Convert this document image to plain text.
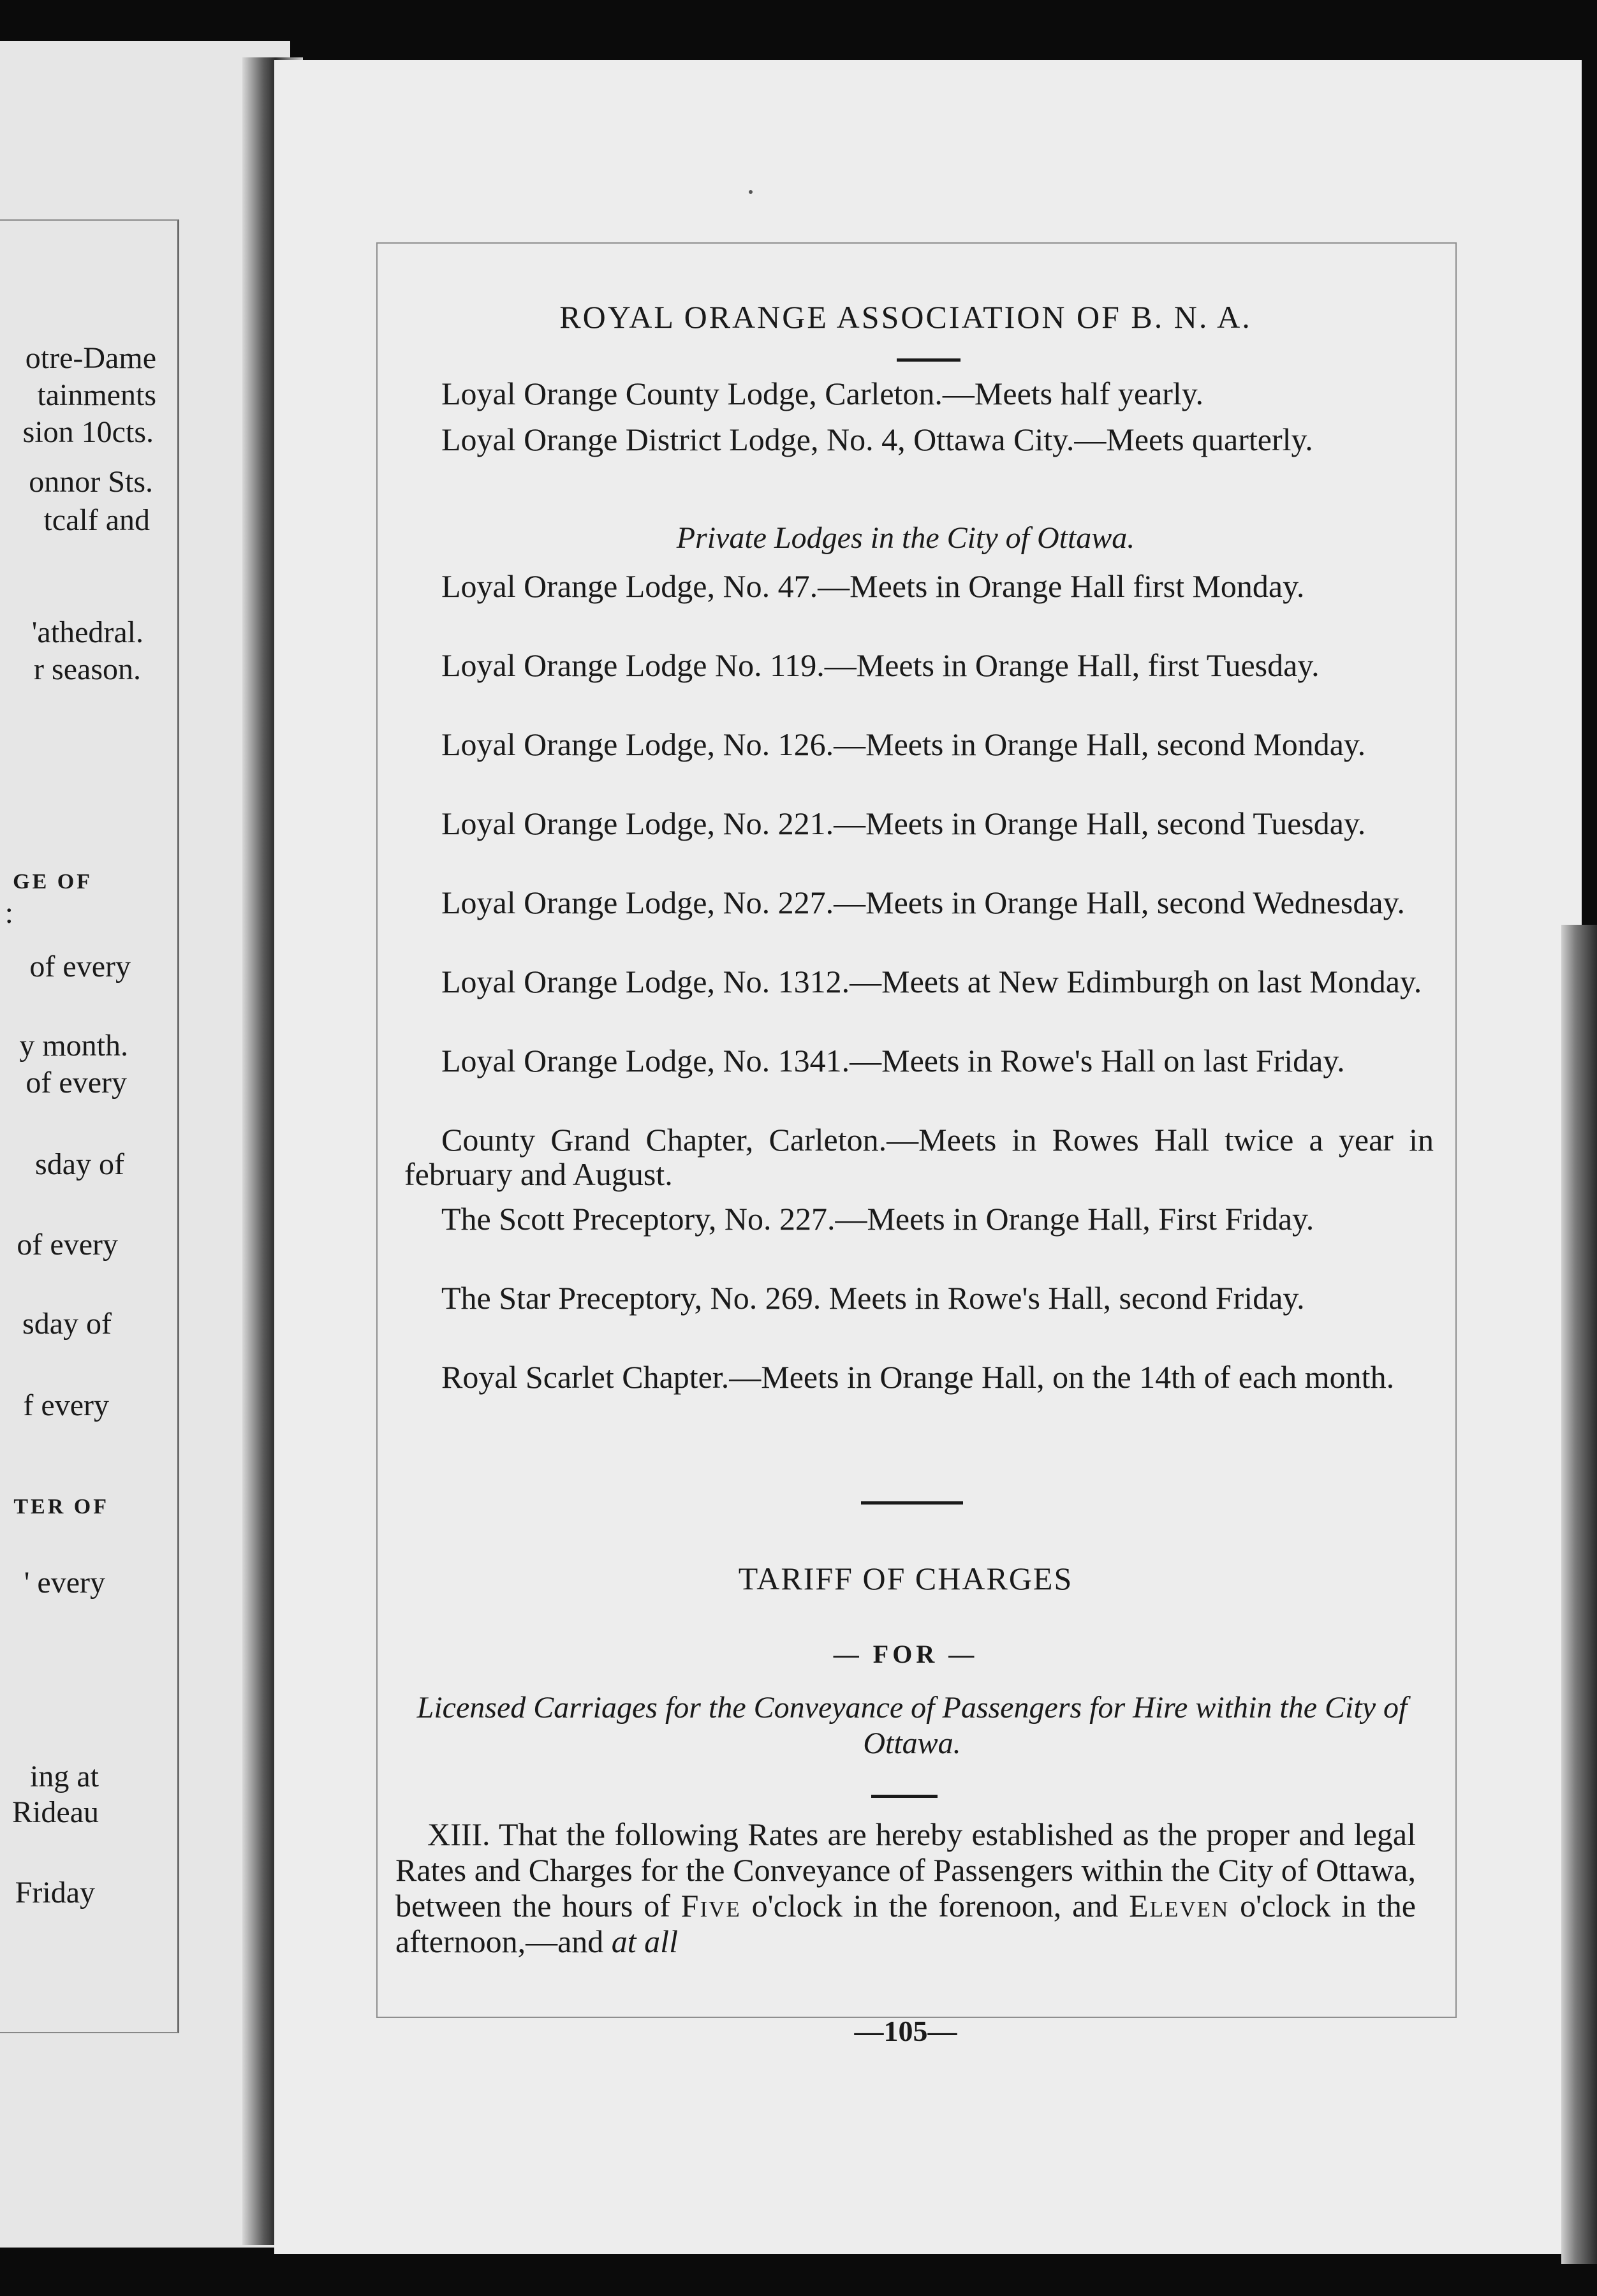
otre-Dame
tainments
sion 10cts.
onnor Sts.
tcalf and
'athedral.
r season.
GE OF
:
of every
y month.
of every
sday of
of every
sday of
f every
TER OF
' every
ing at
Rideau
Friday
ROYAL ORANGE ASSOCIATION OF B. N. A.
Loyal Orange County Lodge, Carleton.—Meets half yearly.
Loyal Orange District Lodge, No. 4, Ottawa City.—Meets quarterly.
Private Lodges in the City of Ottawa.
Loyal Orange Lodge, No. 47.—Meets in Orange Hall first Monday.
Loyal Orange Lodge No. 119.—Meets in Orange Hall, first Tuesday.
Loyal Orange Lodge, No. 126.—Meets in Orange Hall, second Monday.
Loyal Orange Lodge, No. 221.—Meets in Orange Hall, second Tuesday.
Loyal Orange Lodge, No. 227.—Meets in Orange Hall, second Wednesday.
Loyal Orange Lodge, No. 1312.—Meets at New Edimburgh on last Monday.
Loyal Orange Lodge, No. 1341.—Meets in Rowe's Hall on last Friday.
County Grand Chapter, Carleton.—Meets in Rowes Hall twice a year in february and August.
The Scott Preceptory, No. 227.—Meets in Orange Hall, First Friday.
The Star Preceptory, No. 269. Meets in Rowe's Hall, second Friday.
Royal Scarlet Chapter.—Meets in Orange Hall, on the 14th of each month.
TARIFF OF CHARGES
— FOR —
Licensed Carriages for the Conveyance of Passengers for Hire within the City of Ottawa.
XIII. That the following Rates are hereby established as the proper and legal Rates and Charges for the Conveyance of Passengers within the City of Ottawa, between the hours of Five o'clock in the forenoon, and Eleven o'clock in the afternoon,—and at all
—105—
